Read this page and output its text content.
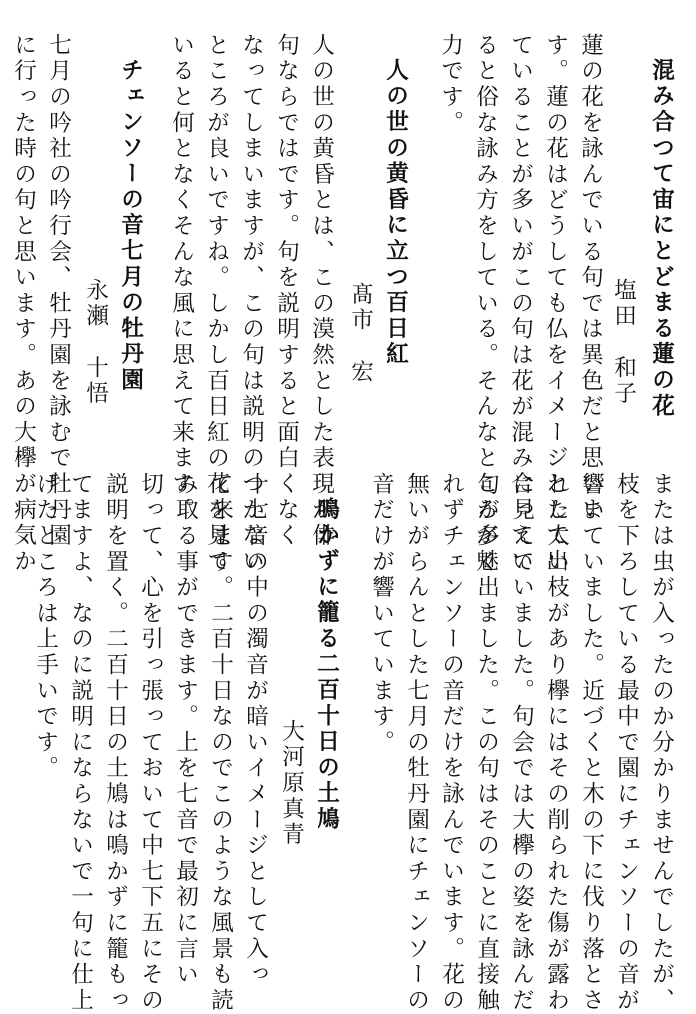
混み合つて宙にとどまる蓮の花
塩田　和子
蓮の花を詠んでいる句では異色だと思いま
す。蓮の花はどうしても仏をイメージとして出
ていることが多いがこの句は花が混み合ってい
ると俗な詠み方をしている。そんなところが魅
力です。
人の世の黄昏に立つ百日紅
髙市　宏
人の世の黄昏とは、この漠然とした表現が俳
句ならではです。句を説明すると面白くなく
なってしまいますが、この句は説明のつかない
ところが良いですね。しかし百日紅の花を見て
いると何となくそんな風に思えて来ます。
チェンソーの音七月の牡丹園
永瀬　十悟
七月の吟社の吟行会、牡丹園を詠むで牡丹園
に行った時の句と思います。あの大欅が病気か
または虫が入ったのか分かりませんでしたが、
枝を下ろしている最中で園にチェンソーの音が
響いていました。近づくと木の下に伐り落とさ
れた太い枝があり欅にはその削られた傷が露わ
に見えていました。句会では大欅の姿を詠んだ
句が多く出ました。この句はそのことに直接触
れずチェンソーの音だけを詠んでいます。花の
無いがらんとした七月の牡丹園にチェンソーの
音だけが響いています。
鳴かずに籠る二百十日の土鳩
大河原真青
十七音の中の濁音が暗いイメージとして入っ
て来ます。二百十日なのでこのような風景も読
み取る事ができます。上を七音で最初に言い
切って、心を引っ張っておいて中七下五にその
説明を置く。二百十日の土鳩は鳴かずに籠もっ
てますよ、なのに説明にならないで一句に仕上
げたところは上手いです。
